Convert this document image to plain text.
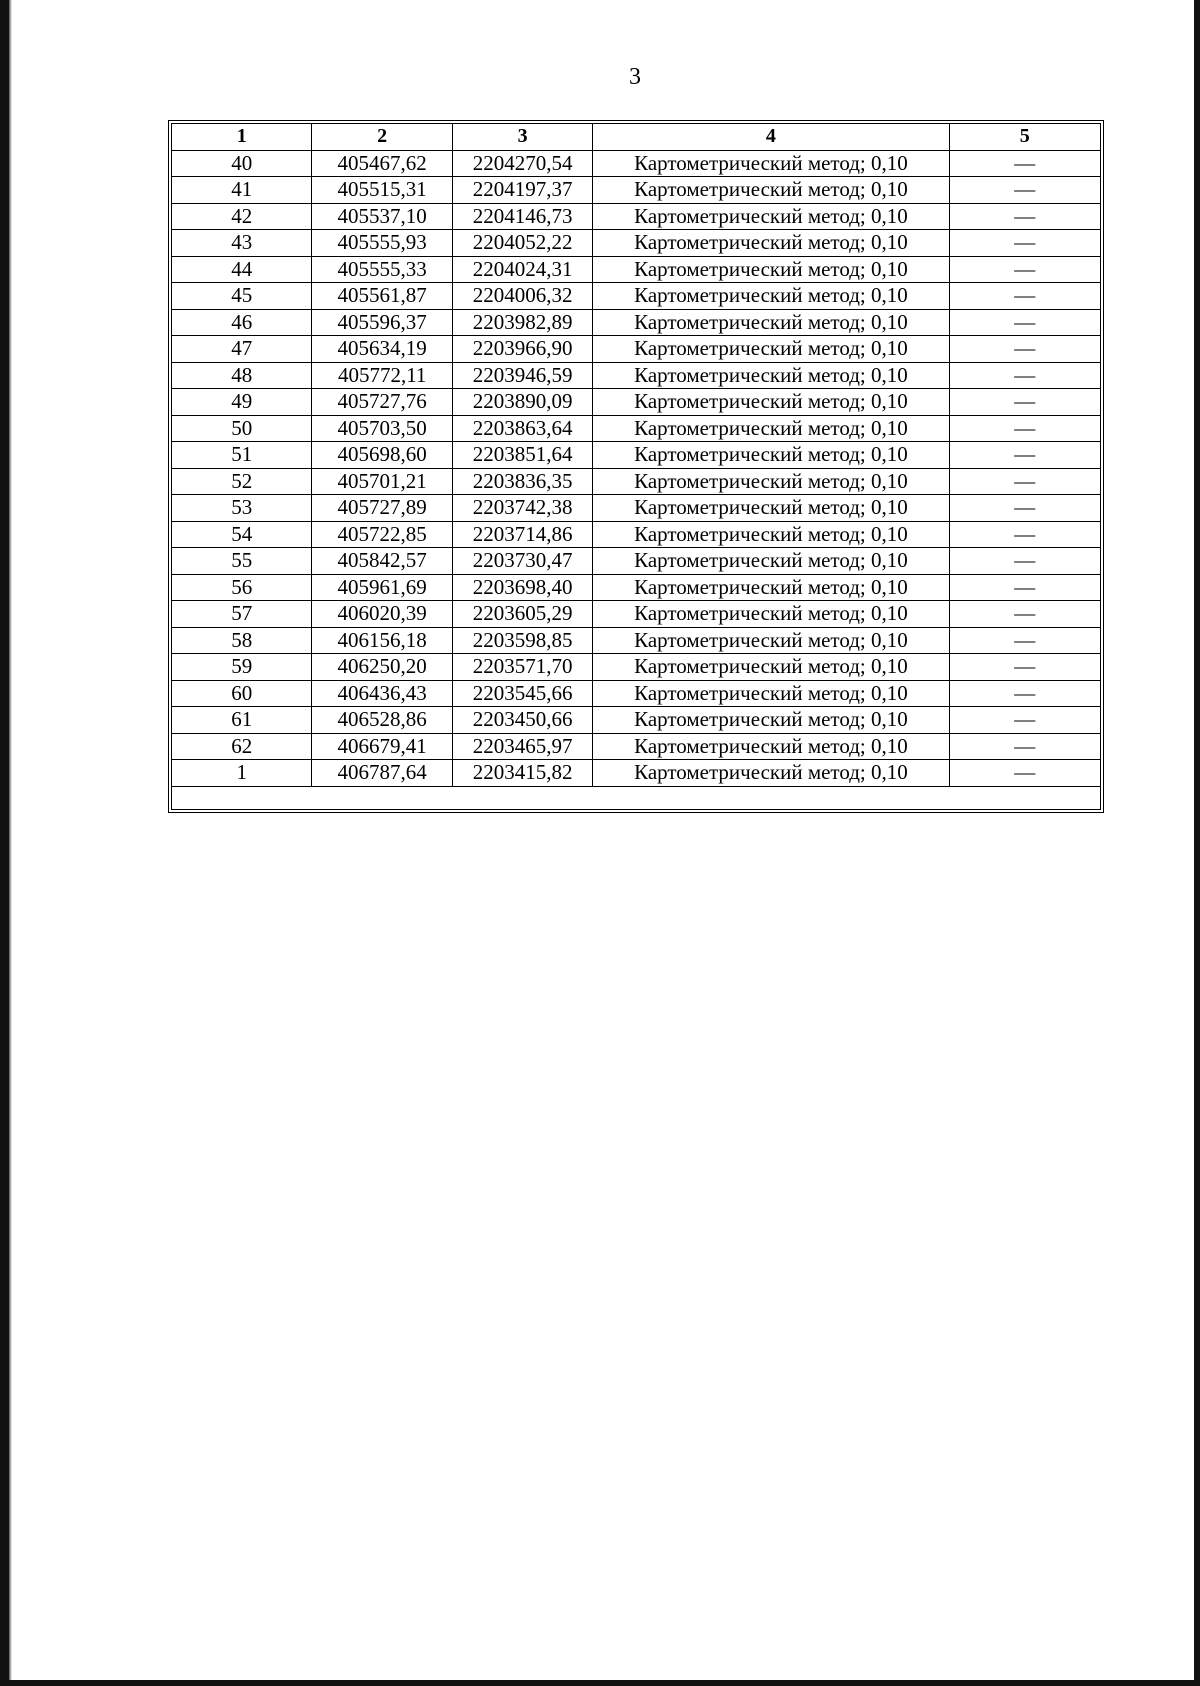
3
1	2	3	4	5
40	405467,62	2204270,54	Картометрический метод; 0,10	—
41	405515,31	2204197,37	Картометрический метод; 0,10	—
42	405537,10	2204146,73	Картометрический метод; 0,10	—
43	405555,93	2204052,22	Картометрический метод; 0,10	—
44	405555,33	2204024,31	Картометрический метод; 0,10	—
45	405561,87	2204006,32	Картометрический метод; 0,10	—
46	405596,37	2203982,89	Картометрический метод; 0,10	—
47	405634,19	2203966,90	Картометрический метод; 0,10	—
48	405772,11	2203946,59	Картометрический метод; 0,10	—
49	405727,76	2203890,09	Картометрический метод; 0,10	—
50	405703,50	2203863,64	Картометрический метод; 0,10	—
51	405698,60	2203851,64	Картометрический метод; 0,10	—
52	405701,21	2203836,35	Картометрический метод; 0,10	—
53	405727,89	2203742,38	Картометрический метод; 0,10	—
54	405722,85	2203714,86	Картометрический метод; 0,10	—
55	405842,57	2203730,47	Картометрический метод; 0,10	—
56	405961,69	2203698,40	Картометрический метод; 0,10	—
57	406020,39	2203605,29	Картометрический метод; 0,10	—
58	406156,18	2203598,85	Картометрический метод; 0,10	—
59	406250,20	2203571,70	Картометрический метод; 0,10	—
60	406436,43	2203545,66	Картометрический метод; 0,10	—
61	406528,86	2203450,66	Картометрический метод; 0,10	—
62	406679,41	2203465,97	Картометрический метод; 0,10	—
1	406787,64	2203415,82	Картометрический метод; 0,10	—
